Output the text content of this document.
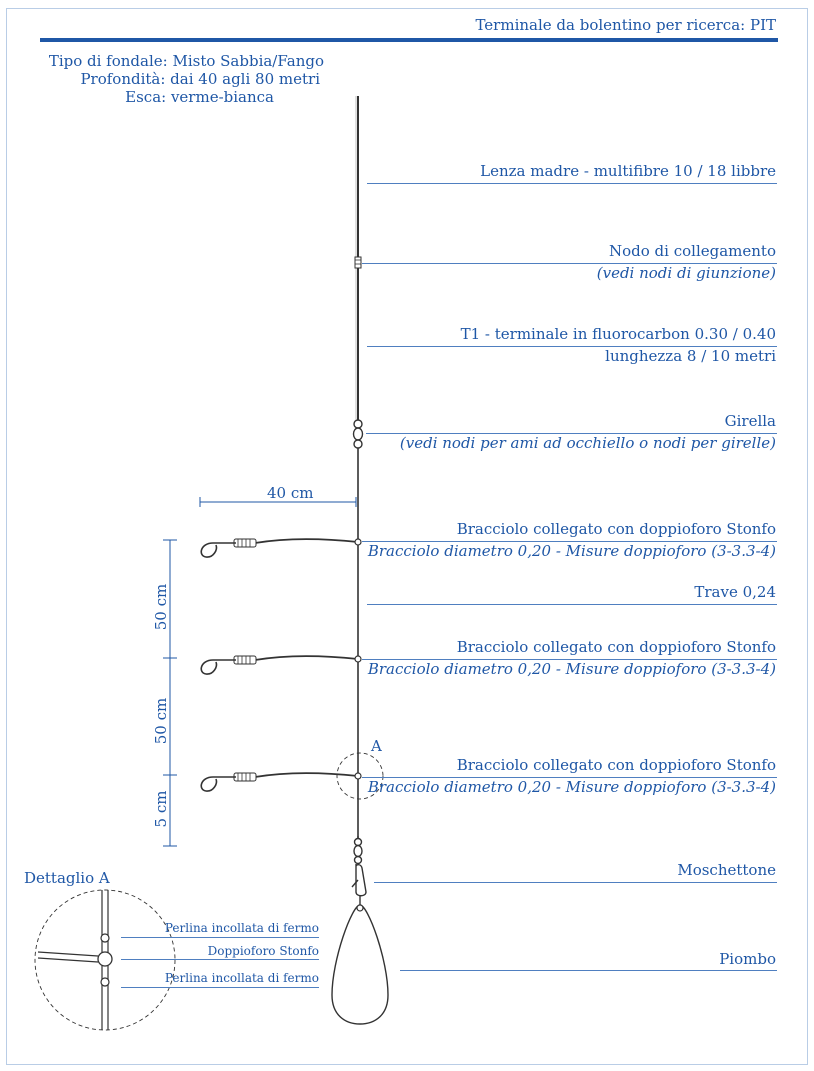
Terminale da bolentino per ricerca: PIT
Tipo di fondale: Misto Sabbia/Fango
Profondità: dai 40 agli 80 metri
Esca: verme-bianca
Lenza madre - multifibre 10 / 18 libbre
Nodo di collegamento
(vedi nodi di giunzione)
T1 - terminale in fluorocarbon 0.30 / 0.40
lunghezza 8 / 10 metri
Girella
(vedi nodi per ami ad occhiello o nodi per girelle)
Bracciolo collegato con doppioforo Stonfo
Bracciolo diametro 0,20 - Misure doppioforo (3-3.3-4)
Trave 0,24
Bracciolo collegato con doppioforo Stonfo
Bracciolo diametro 0,20 - Misure doppioforo (3-3.3-4)
Bracciolo collegato con doppioforo Stonfo
Bracciolo diametro 0,20 - Misure doppioforo (3-3.3-4)
Moschettone
Piombo
40 cm
50 cm
50 cm
5 cm
A
Dettaglio A
Perlina incollata di fermo
Doppioforo Stonfo
Perlina incollata di fermo
